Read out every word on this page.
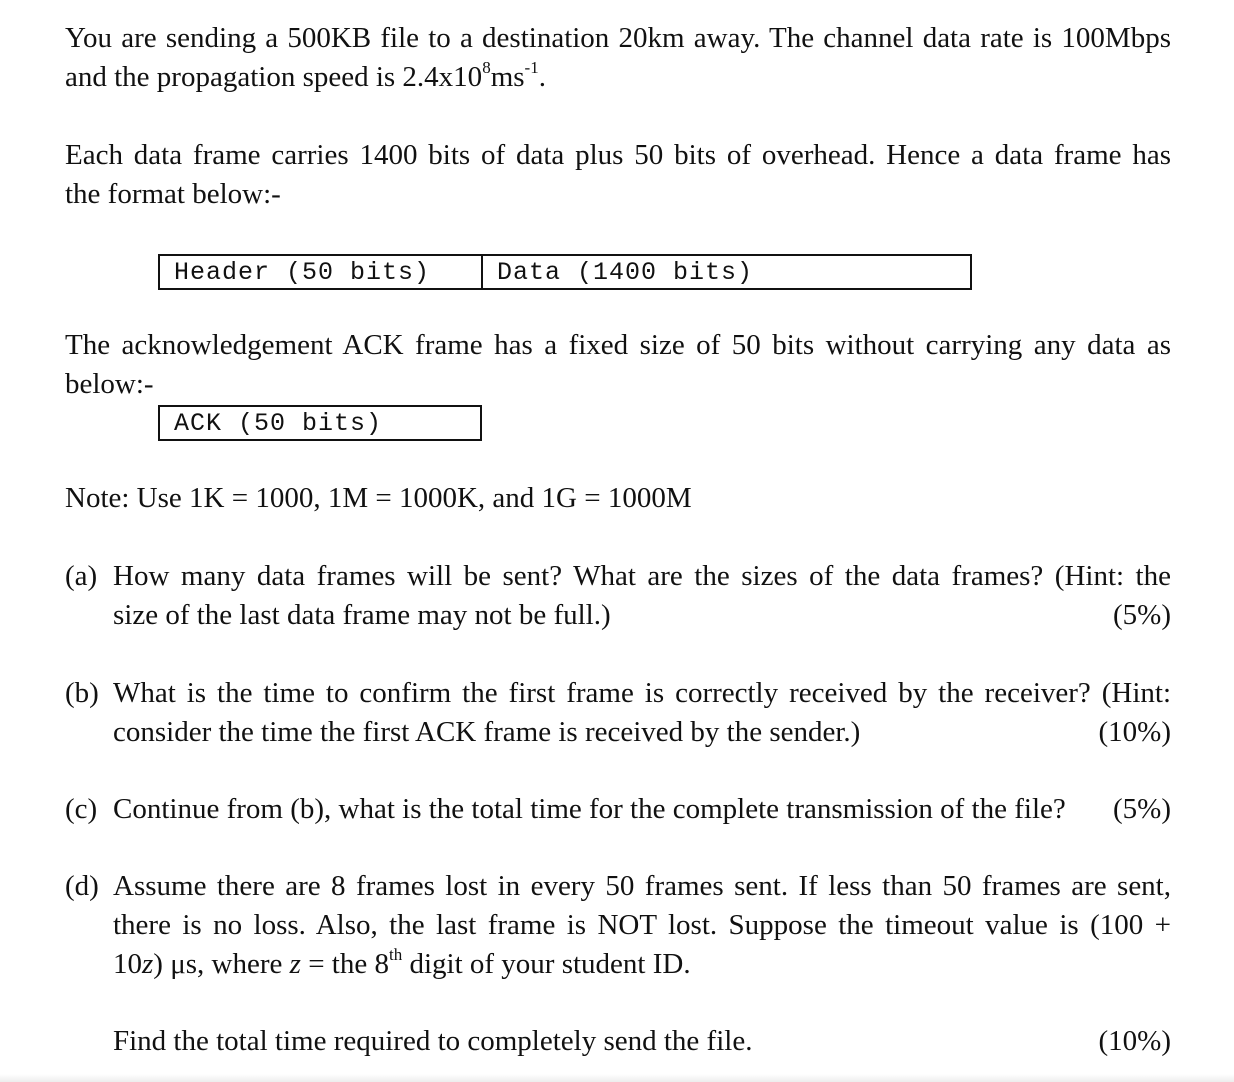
You are sending a 500KB file to a destination 20km away. The channel data rate is 100Mbps
and the propagation speed is $2.4x10^8ms^{-1}$.
Each data frame carries 1400 bits of data plus 50 bits of overhead. Hence a data frame has
the format below:-
Header (50 bits)	Data (1400 bits)
The acknowledgement ACK frame has a fixed size of 50 bits without carrying any data as
below:-
ACK (50 bits)
Note: Use 1K = 1000, 1M = 1000K, and 1G = 1000M
(a) How many data frames will be sent? What are the sizes of the data frames? (Hint: the
size of the last data frame may not be full.)	(5%)
(b) What is the time to confirm the first frame is correctly received by the receiver? (Hint:
consider the time the first ACK frame is received by the sender.)	(10%)
(c) Continue from (b), what is the total time for the complete transmission of the file? (5%)
(d) Assume there are 8 frames lost in every 50 frames sent. If less than 50 frames are sent,
there is no loss. Also, the last frame is NOT lost. Suppose the timeout value is (100 +
10z) μs, where z = the 8th digit of your student ID.
Find the total time required to completely send the file.	(10%)
